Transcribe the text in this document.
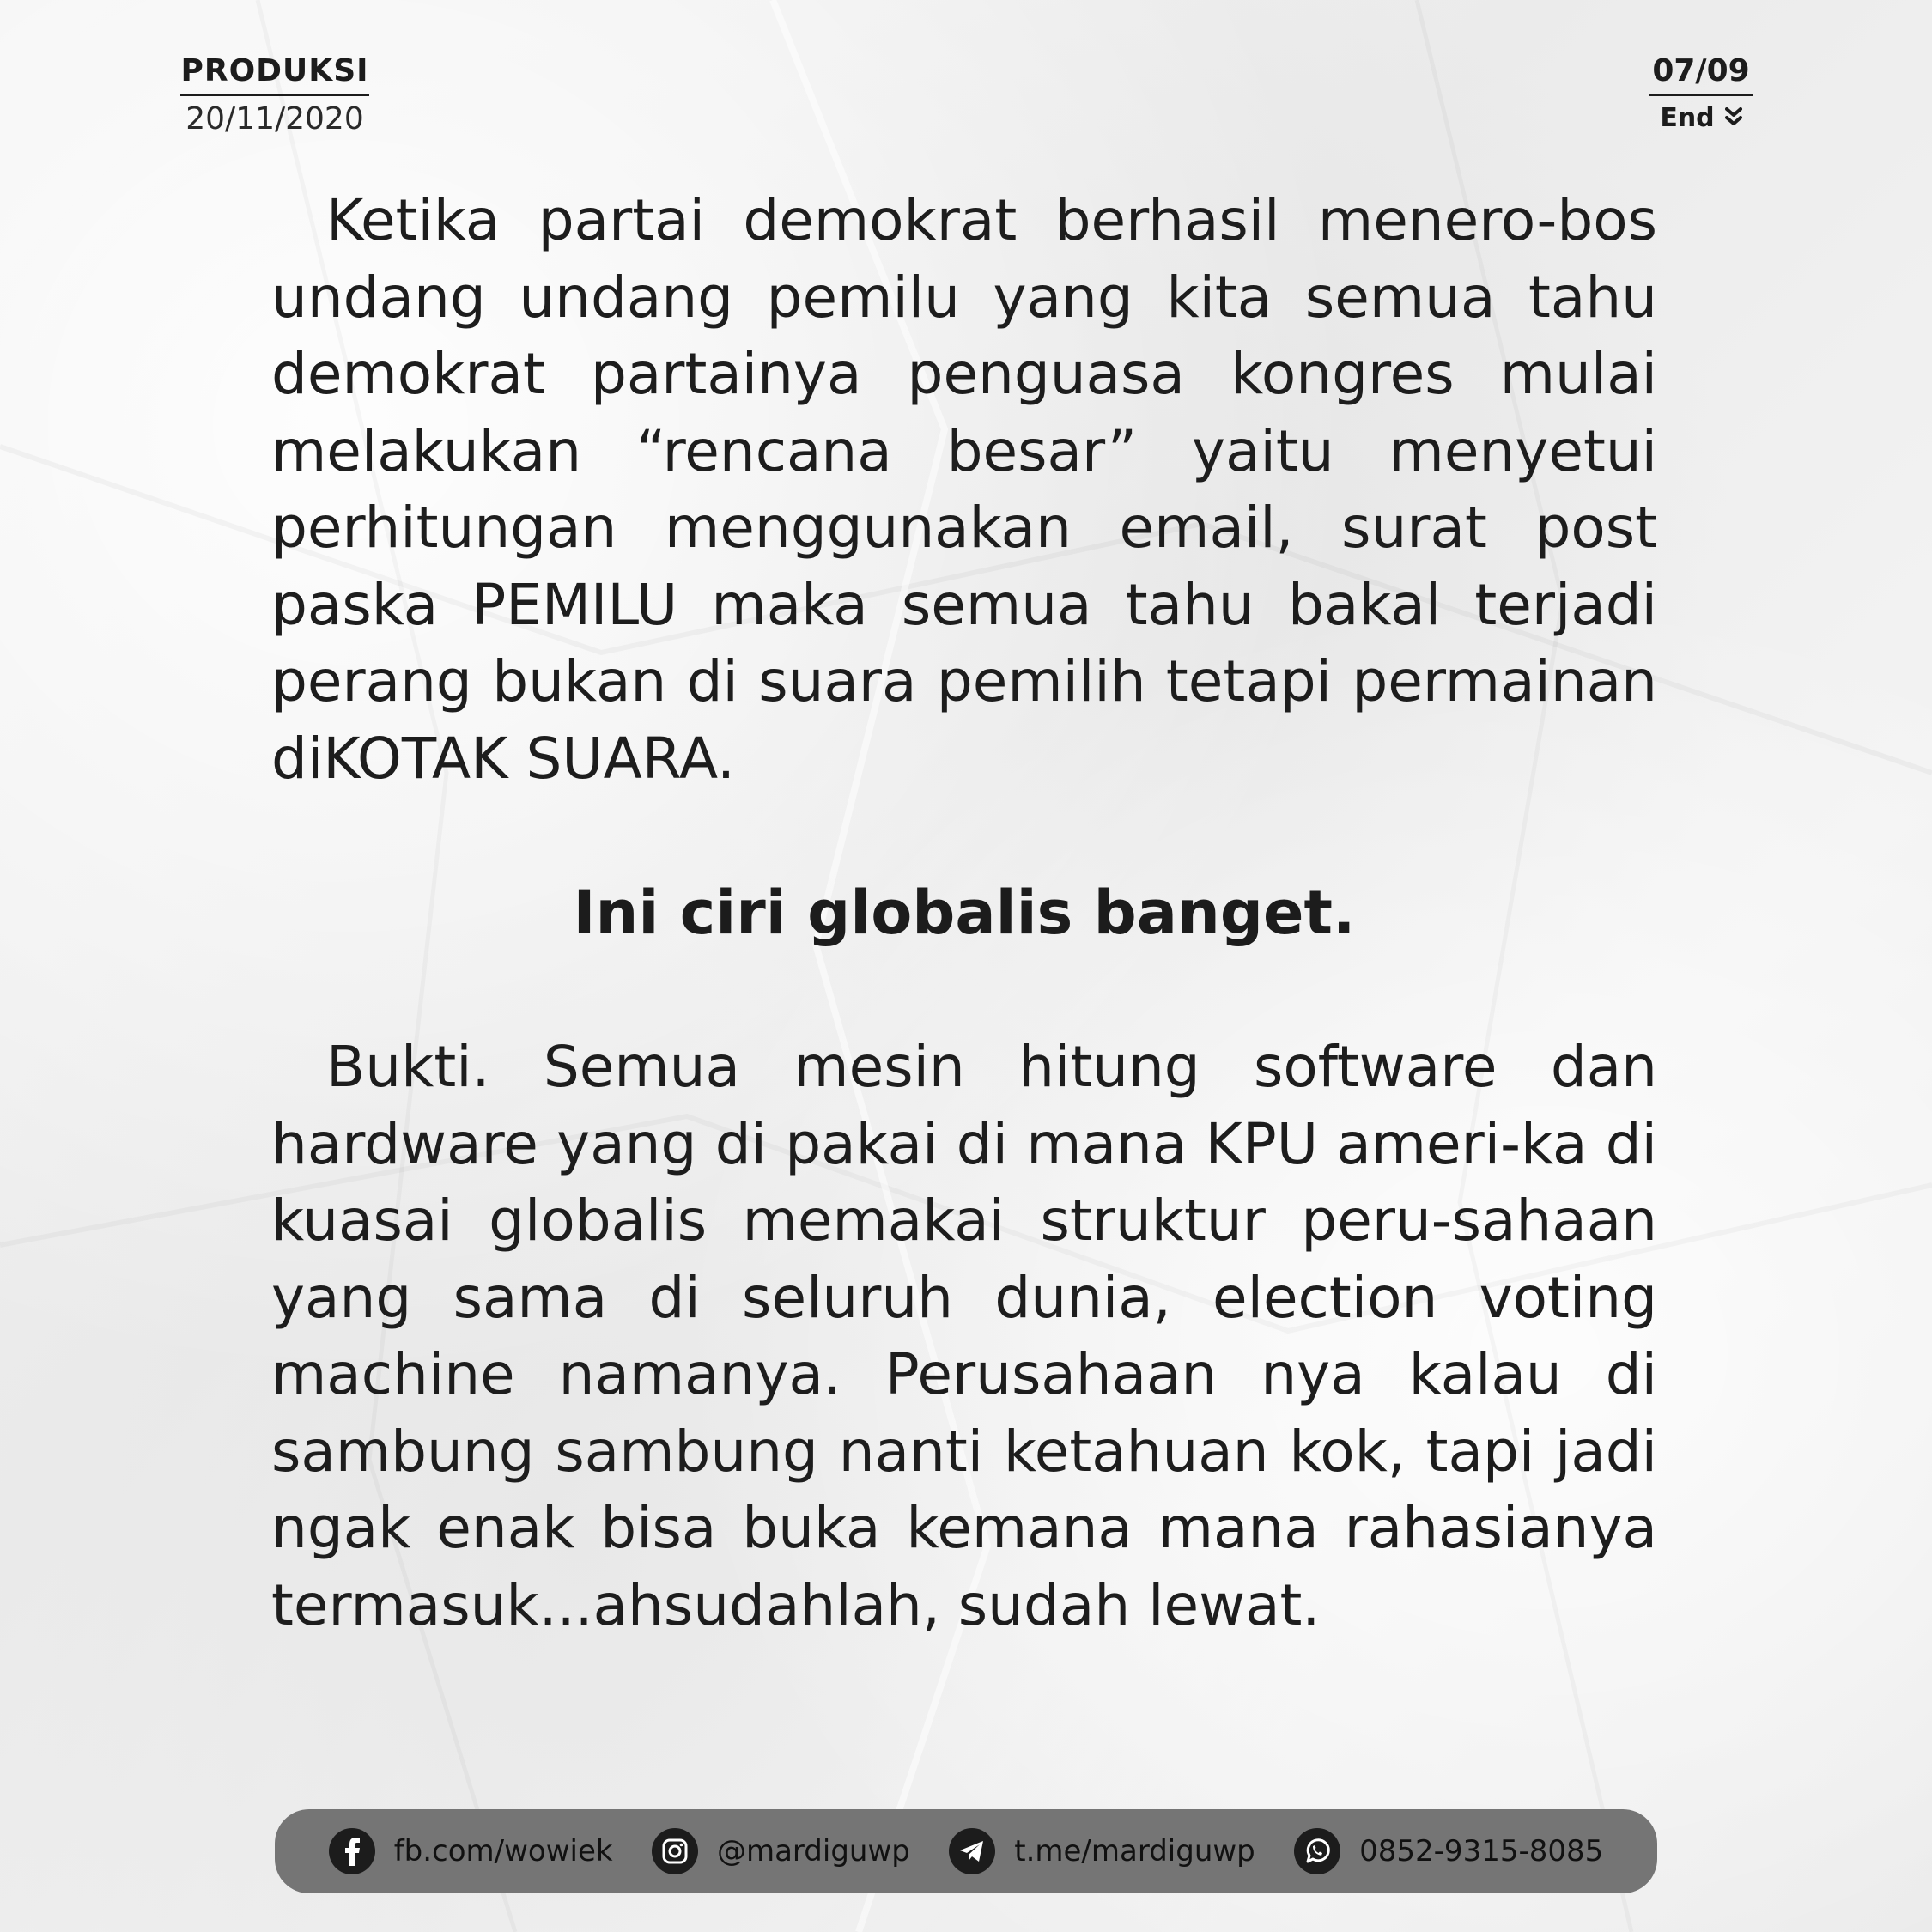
PRODUKSI
20/11/2020
07/09
End

Ketika partai demokrat berhasil menero-bos undang undang pemilu yang kita semua tahu demokrat partainya penguasa kongres mulai melakukan “rencana besar” yaitu menyetui perhitungan menggunakan email, surat post paska PEMILU maka semua tahu bakal terjadi perang bukan di suara pemilih tetapi permainan diKOTAK SUARA.

Ini ciri globalis banget.

Bukti. Semua mesin hitung software dan hardware yang di pakai di mana KPU ameri-ka di kuasai globalis memakai struktur peru-sahaan yang sama di seluruh dunia, election voting machine namanya. Perusahaan nya kalau di sambung sambung nanti ketahuan kok, tapi jadi ngak enak bisa buka kemana mana rahasianya termasuk...ahsudahlah, sudah lewat.

fb.com/wowiek	@mardiguwp	t.me/mardiguwp	0852-9315-8085
